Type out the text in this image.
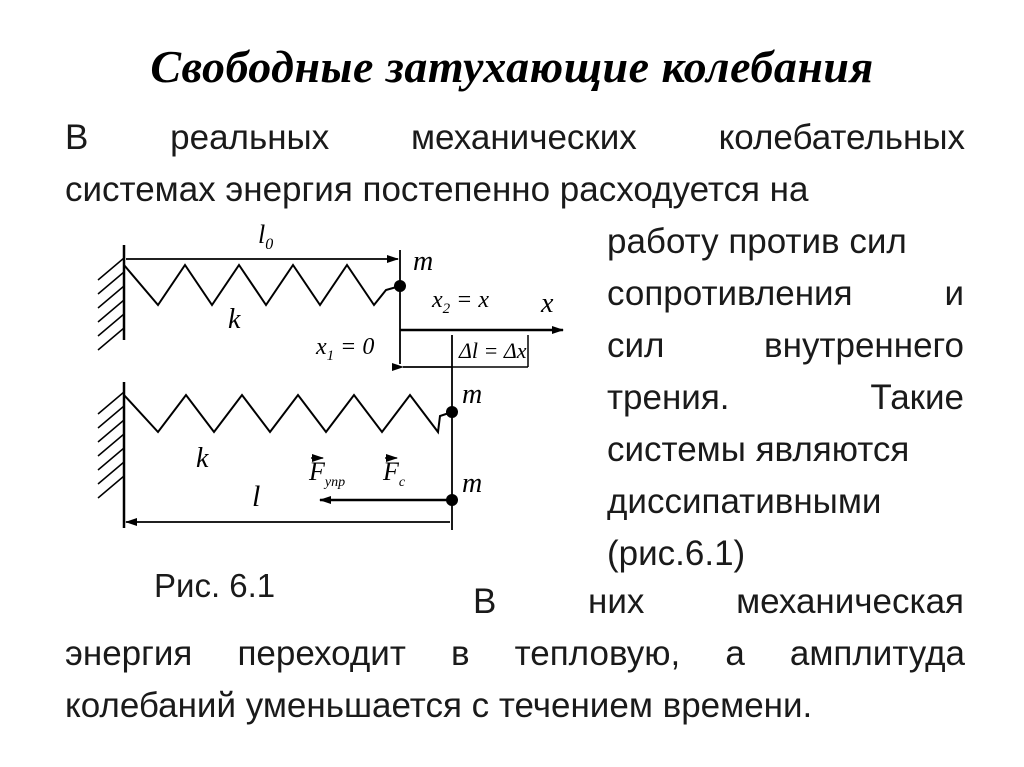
Свободные затухающие колебания
В реальных механических колебательных
системах энергия постепенно расходуется на
работу против сил
сопротивления и
сил внутреннего
трения. Такие
системы являются
диссипативными
(рис.6.1)
В них механическая
энергия переходит в тепловую, а амплитуда
колебаний уменьшается с течением времени.
Рис. 6.1
$l_0$
m
k
$x_2 = x$ x
$x_1 = 0$	Δl = Δx
m
k	$F_{упр}$ $F_с$ m
l
